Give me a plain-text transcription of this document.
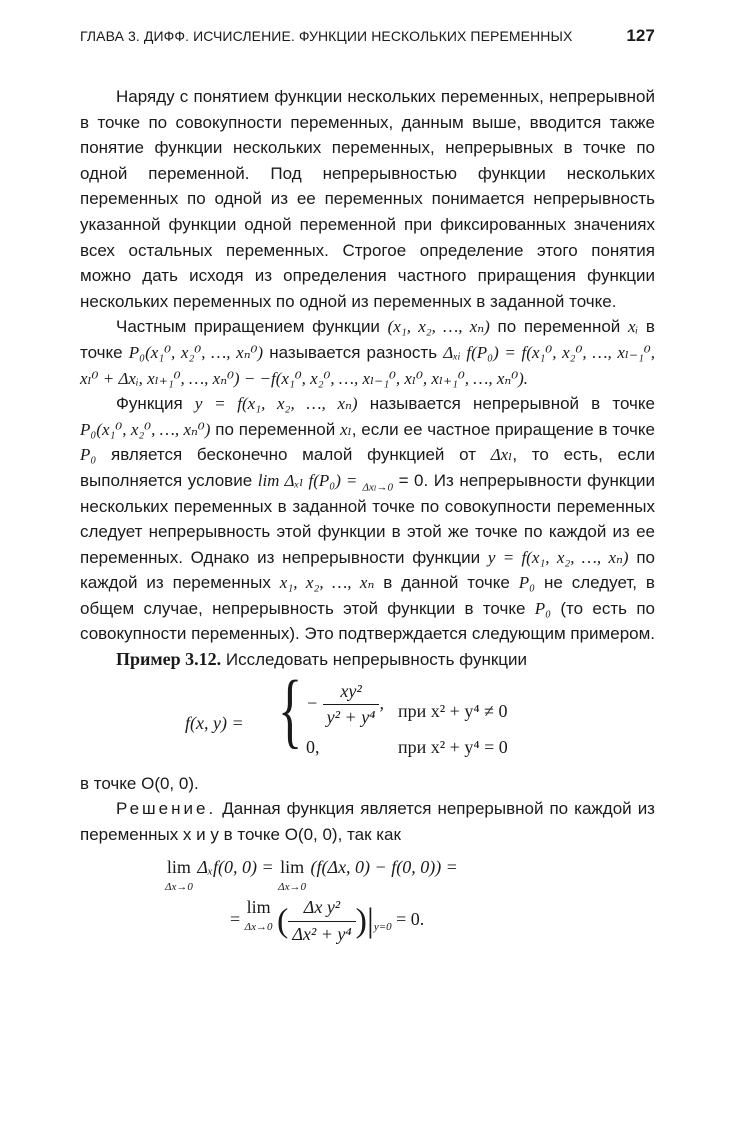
ГЛАВА 3. ДИФФ. ИСЧИСЛЕНИЕ. ФУНКЦИИ НЕСКОЛЬКИХ ПЕРЕМЕННЫХ	127

Наряду с понятием функции нескольких переменных, непрерывной в точке по совокупности переменных, данным выше, вводится также понятие функции нескольких переменных, непрерывных в точке по одной переменной. Под непрерывностью функции нескольких переменных по одной из ее переменных понимается непрерывность указанной функции одной переменной при фиксированных значениях всех остальных переменных. Строгое определение этого понятия можно дать исходя из определения частного приращения функции нескольких переменных по одной из переменных в заданной точке.

Частным приращением функции (x₁, x₂, …, xₙ) по переменной xᵢ в точке P₀(x₁⁰, x₂⁰, …, xₙ⁰) называется разность Δₓᵢ f(P₀) = f(x₁⁰, x₂⁰, …, xₗ₋₁⁰, xₗ⁰ + Δxᵢ, xₗ₊₁⁰, …, xₙ⁰) − −f(x₁⁰, x₂⁰, …, xₗ₋₁⁰, xₗ⁰, xₗ₊₁⁰, …, xₙ⁰).

Функция y = f(x₁, x₂, …, xₙ) называется непрерывной в точке P₀(x₁⁰, x₂⁰, …, xₙ⁰) по переменной xₗ, если ее частное приращение в точке P₀ является бесконечно малой функцией от Δxₗ, то есть, если выполняется условие lim Δₓₗ f(P₀) = $_{\Delta x_l\to 0}$ = 0. Из непрерывности функции нескольких переменных в заданной точке по совокупности переменных следует непрерывность этой функции в этой же точке по каждой из ее переменных. Однако из непрерывности функции y = f(x₁, x₂, …, xₙ) по каждой из переменных x₁, x₂, …, xₙ в данной точке P₀ не следует, в общем случае, непрерывность этой функции в точке P₀ (то есть по совокупности переменных). Это подтверждается следующим примером.

Пример 3.12. Исследовать непрерывность функции

f(x, y) = { − $\frac{\text{xy²}}{\text{y² + y⁴}}$ , при x² + y⁴ ≠ 0
0,	при x² + y⁴ = 0

в точке O(0, 0).

Решение. Данная функция является непрерывной по каждой из переменных x и y в точке O(0, 0), так как

lim
Δx→0
Δₓf(0, 0) = lim
Δx→0
(f(Δx, 0) − f(0, 0)) =
= lim
Δx→0 ( $\frac{\text{Δx y²}}{\text{Δx² + y⁴}} )|_{y=0} = 0$.
